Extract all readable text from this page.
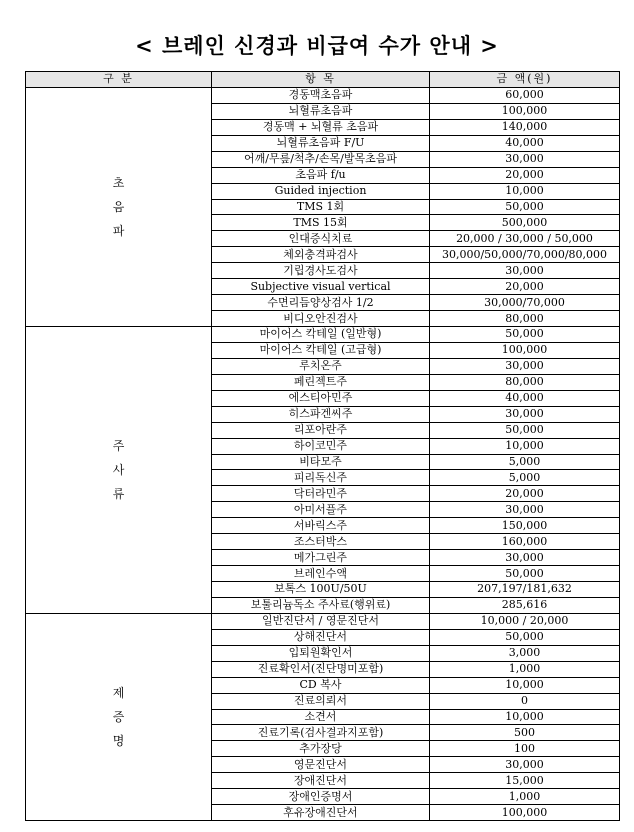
< 브레인 신경과 비급여 수가 안내 >
구 분	항 목	금 액(원)

초
음
파	경동맥초음파	60,000
	뇌혈류초음파	100,000
	경동맥 + 뇌혈류 초음파	140,000
	뇌혈류초음파 F/U	40,000
	어깨/무릎/척추/손목/발목초음파	30,000
	초음파 f/u	20,000
	Guided injection	10,000
	TMS 1회	50,000
	TMS 15회	500,000
	인대증식치료	20,000 / 30,000 / 50,000
	체외충격파검사	30,000/50,000/70,000/80,000
	기립경사도검사	30,000
	Subjective visual vertical	20,000
	수면리듬양상검사 1/2	30,000/70,000
	비디오안진검사	80,000

주
사
류	마이어스 칵테일 (일반형)	50,000
	마이어스 칵테일 (고급형)	100,000
	루치온주	30,000
	페린젝트주	80,000
	에스티아민주	40,000
	히스파겐씨주	30,000
	리포아란주	50,000
	하이코민주	10,000
	비타모주	5,000
	피리독신주	5,000
	닥터라민주	20,000
	아미서플주	30,000
	서바릭스주	150,000
	조스터박스	160,000
	메가그린주	30,000
	브레인수액	50,000
	보톡스 100U/50U	207,197/181,632
	보툴리늄독소 주사료(행위료)	285,616

제
증
명	일반진단서 / 영문진단서	10,000 / 20,000
	상해진단서	50,000
	입퇴원확인서	3,000
	진료확인서(진단명미포함)	1,000
	CD 복사	10,000
	진료의뢰서	0
	소견서	10,000
	진료기록(검사결과지포함)	500
	추가장당	100
	영문진단서	30,000
	장애진단서	15,000
	장애인증명서	1,000
	후유장애진단서	100,000
